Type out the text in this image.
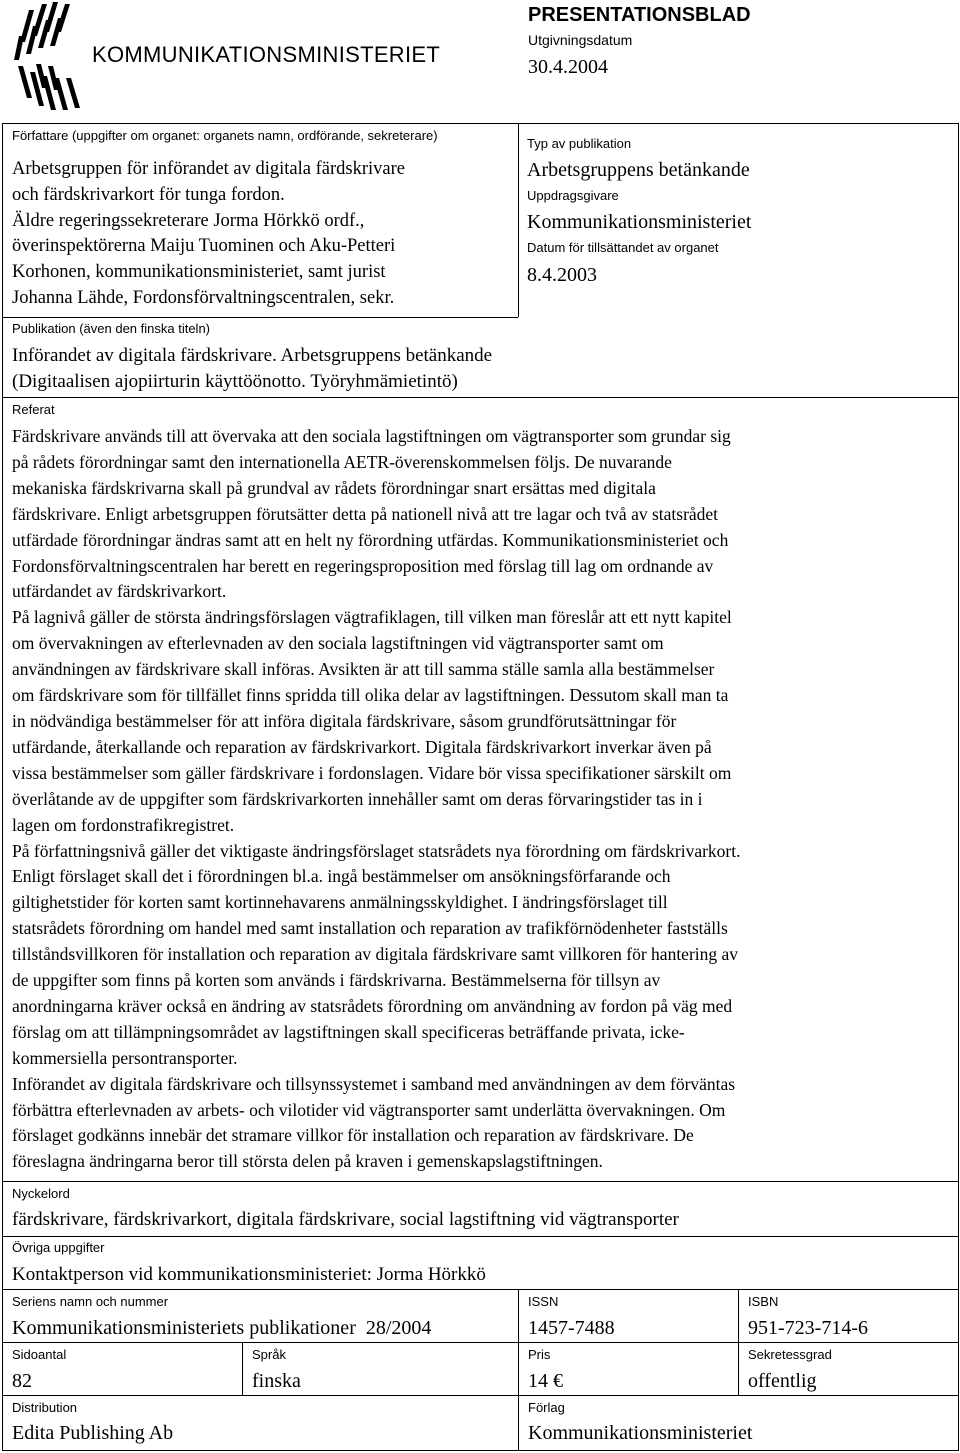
KOMMUNIKATIONSMINISTERIET
PRESENTATIONSBLAD
Utgivningsdatum
30.4.2004
Författare (uppgifter om organet: organets namn, ordförande, sekreterare)
Arbetsgruppen för införandet av digitala färdskrivare
och färdskrivarkort för tunga fordon.
Äldre regeringssekreterare Jorma Hörkkö ordf.,
överinspektörerna Maiju Tuominen och Aku-Petteri
Korhonen, kommunikationsministeriet, samt jurist
Johanna Lähde, Fordonsförvaltningscentralen, sekr.
Typ av publikation
Arbetsgruppens betänkande
Uppdragsgivare
Kommunikationsministeriet
Datum för tillsättandet av organet
8.4.2003
Publikation (även den finska titeln)
Införandet av digitala färdskrivare. Arbetsgruppens betänkande
(Digitaalisen ajopiirturin käyttöönotto. Työryhmämietintö)
Referat
Färdskrivare används till att övervaka att den sociala lagstiftningen om vägtransporter som grundar sig
på rådets förordningar samt den internationella AETR-överenskommelsen följs. De nuvarande
mekaniska färdskrivarna skall på grundval av rådets förordningar snart ersättas med digitala
färdskrivare. Enligt arbetsgruppen förutsätter detta på nationell nivå att tre lagar och två av statsrådet
utfärdade förordningar ändras samt att en helt ny förordning utfärdas. Kommunikationsministeriet och
Fordonsförvaltningscentralen har berett en regeringsproposition med förslag till lag om ordnande av
utfärdandet av färdskrivarkort.
På lagnivå gäller de största ändringsförslagen vägtrafiklagen, till vilken man föreslår att ett nytt kapitel
om övervakningen av efterlevnaden av den sociala lagstiftningen vid vägtransporter samt om
användningen av färdskrivare skall införas. Avsikten är att till samma ställe samla alla bestämmelser
om färdskrivare som för tillfället finns spridda till olika delar av lagstiftningen. Dessutom skall man ta
in nödvändiga bestämmelser för att införa digitala färdskrivare, såsom grundförutsättningar för
utfärdande, återkallande och reparation av färdskrivarkort. Digitala färdskrivarkort inverkar även på
vissa bestämmelser som gäller färdskrivare i fordonslagen. Vidare bör vissa specifikationer särskilt om
överlåtande av de uppgifter som färdskrivarkorten innehåller samt om deras förvaringstider tas in i
lagen om fordonstrafikregistret.
På författningsnivå gäller det viktigaste ändringsförslaget statsrådets nya förordning om färdskrivarkort.
Enligt förslaget skall det i förordningen bl.a. ingå bestämmelser om ansökningsförfarande och
giltighetstider för korten samt kortinnehavarens anmälningsskyldighet. I ändringsförslaget till
statsrådets förordning om handel med samt installation och reparation av trafikförnödenheter fastställs
tillståndsvillkoren för installation och reparation av digitala färdskrivare samt villkoren för hantering av
de uppgifter som finns på korten som används i färdskrivarna. Bestämmelserna för tillsyn av
anordningarna kräver också en ändring av statsrådets förordning om användning av fordon på väg med
förslag om att tillämpningsområdet av lagstiftningen skall specificeras beträffande privata, icke-
kommersiella persontransporter.
Införandet av digitala färdskrivare och tillsynssystemet i samband med användningen av dem förväntas
förbättra efterlevnaden av arbets- och vilotider vid vägtransporter samt underlätta övervakningen. Om
förslaget godkänns innebär det stramare villkor för installation och reparation av färdskrivare. De
föreslagna ändringarna beror till största delen på kraven i gemenskapslagstiftningen.
Nyckelord
färdskrivare, färdskrivarkort, digitala färdskrivare, social lagstiftning vid vägtransporter
Övriga uppgifter
Kontaktperson vid kommunikationsministeriet: Jorma Hörkkö
Seriens namn och nummer
Kommunikationsministeriets publikationer  28/2004
ISSN
1457-7488
ISBN
951-723-714-6
Sidoantal
82
Språk
finska
Pris
14 €
Sekretessgrad
offentlig
Distribution
Edita Publishing Ab
Förlag
Kommunikationsministeriet
